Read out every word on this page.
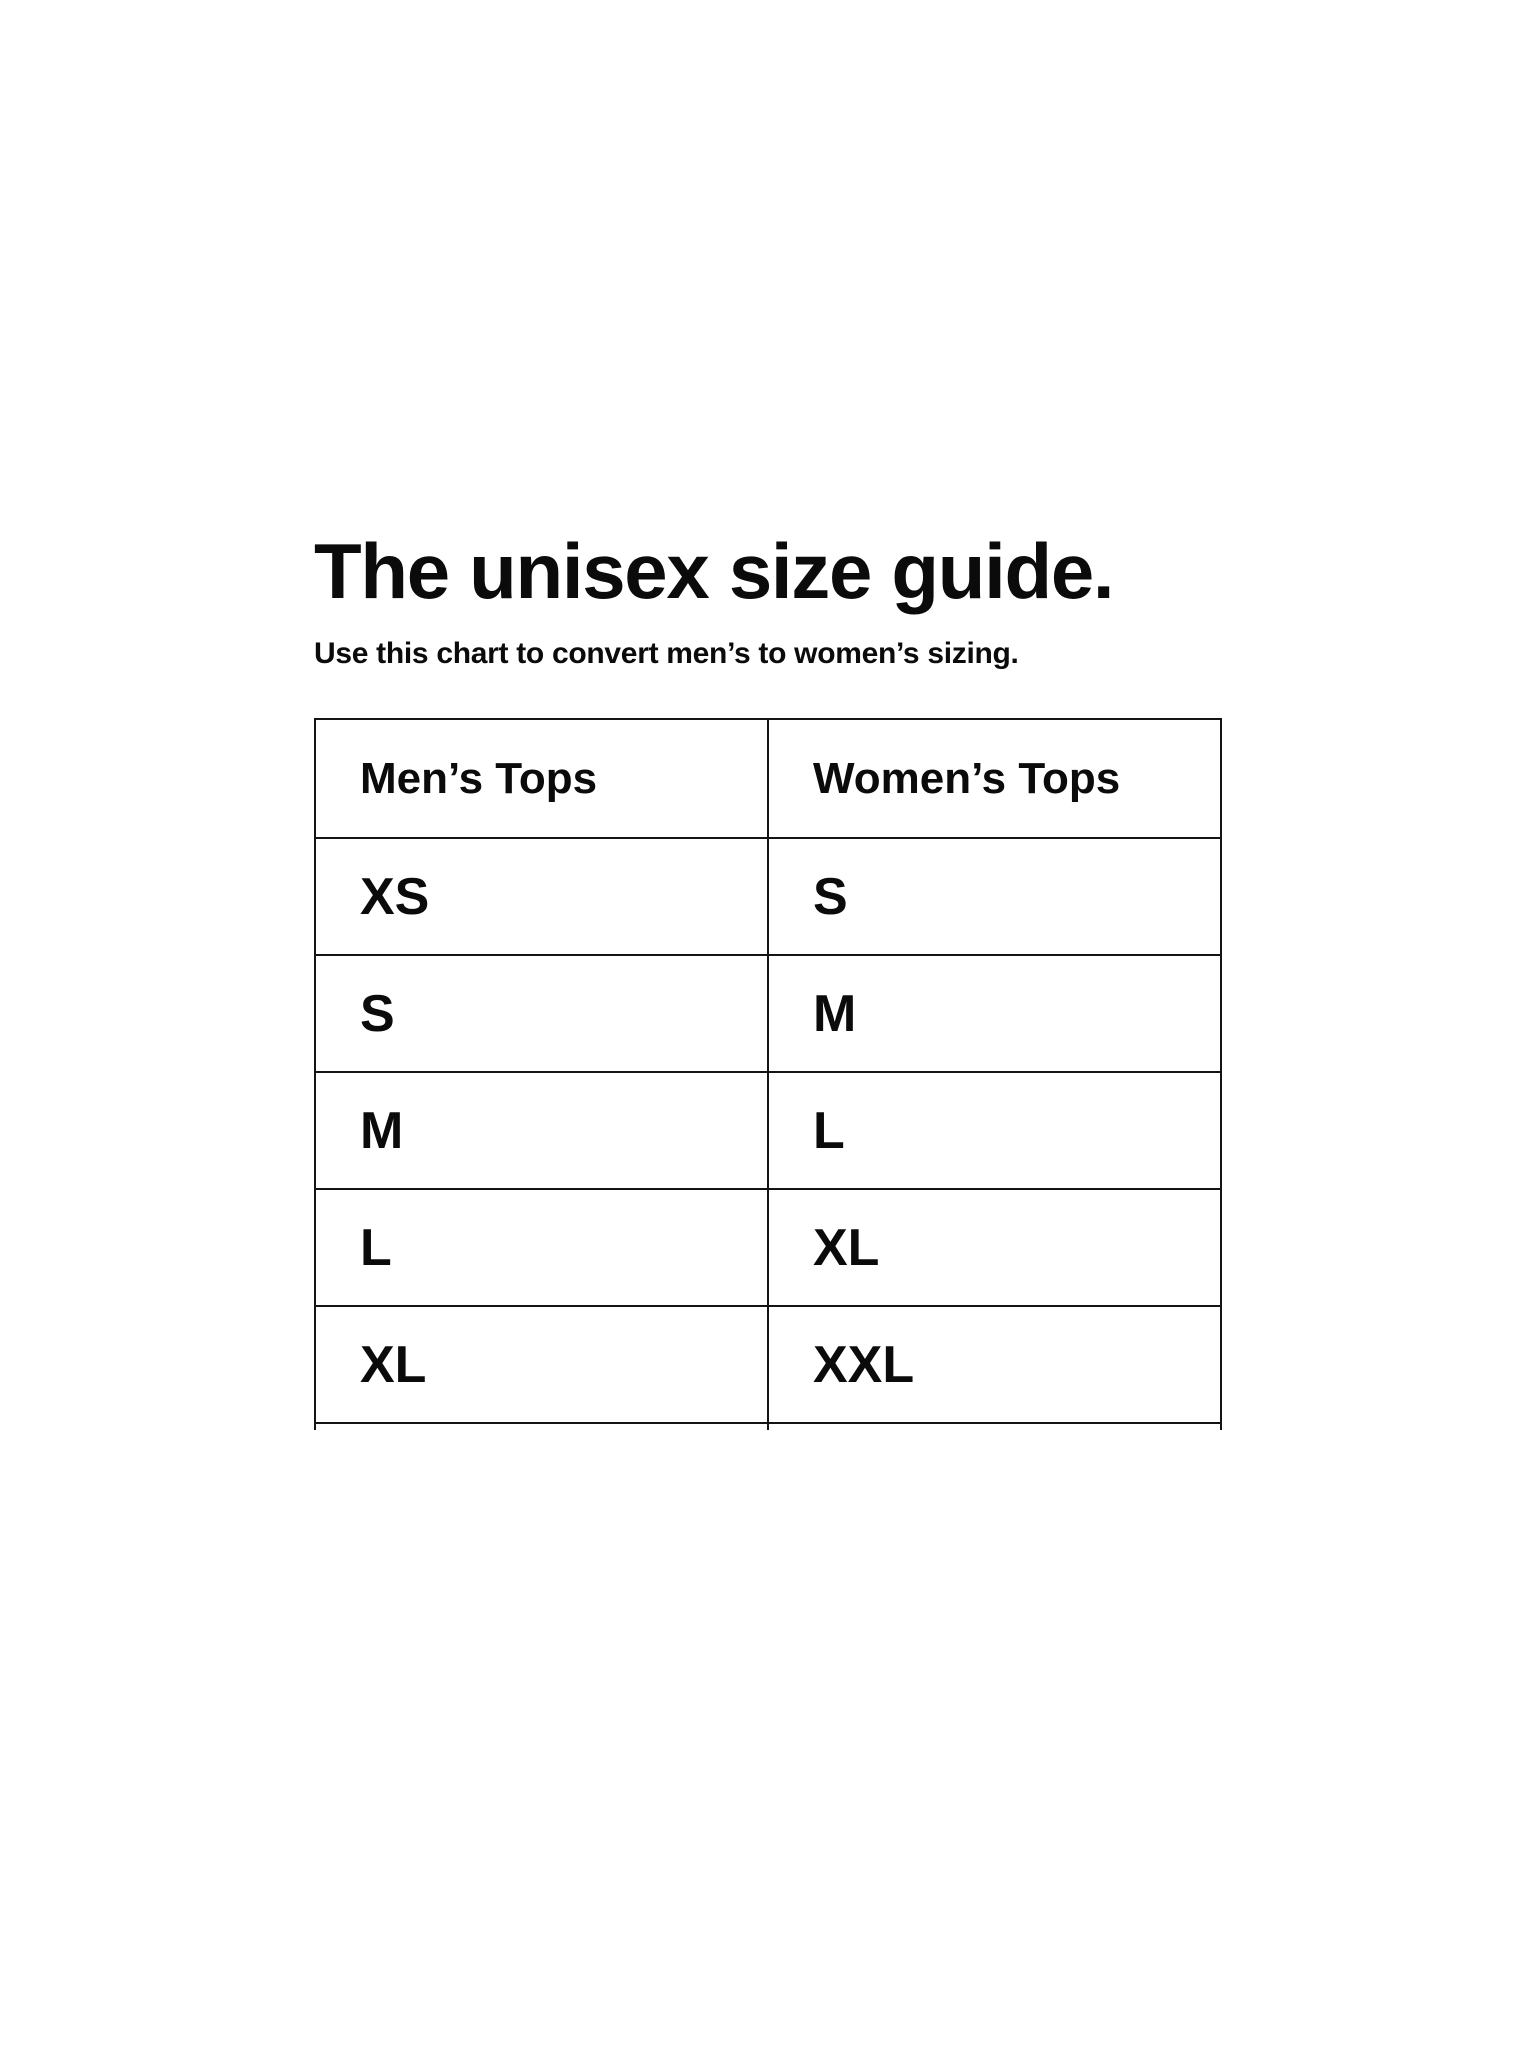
The unisex size guide.

Use this chart to convert men’s to women’s sizing.

Men’s Tops	Women’s Tops
XS	S
S	M
M	L
L	XL
XL	XXL
